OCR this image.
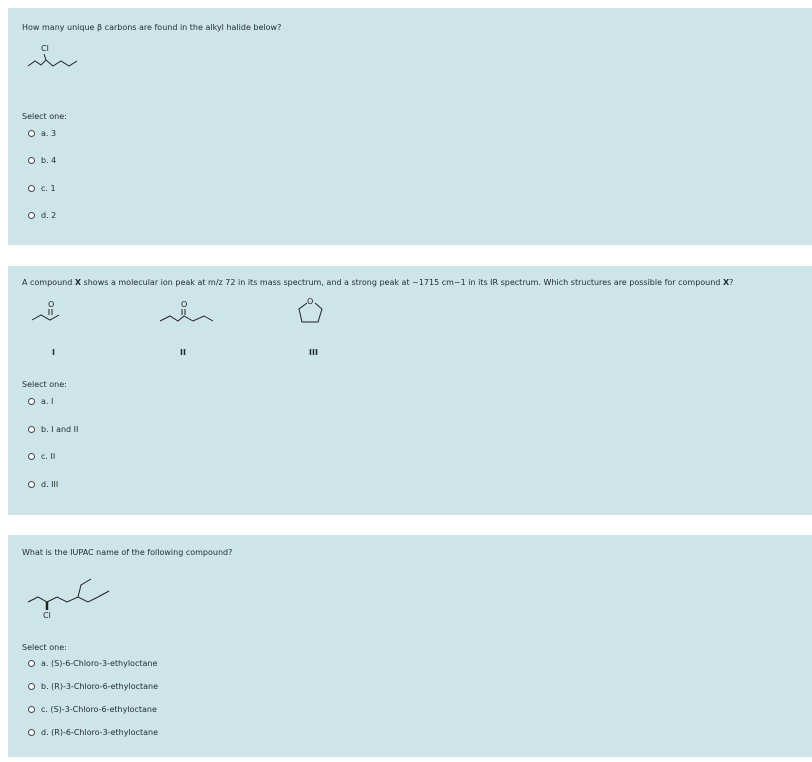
How many unique β carbons are found in the alkyl halide below?
Cl
Select one:
a. 3
b. 4
c. 1
d. 2
A compound X shows a molecular ion peak at m/z 72 in its mass spectrum, and a strong peak at ~1715 cm−1 in its IR spectrum. Which structures are possible for compound X?
O
I
O
II
O
III
Select one:
a. I
b. I and II
c. II
d. III
What is the IUPAC name of the following compound?
Cl
Select one:
a. (S)-6-Chloro-3-ethyloctane
b. (R)-3-Chloro-6-ethyloctane
c. (S)-3-Chloro-6-ethyloctane
d. (R)-6-Chloro-3-ethyloctane
